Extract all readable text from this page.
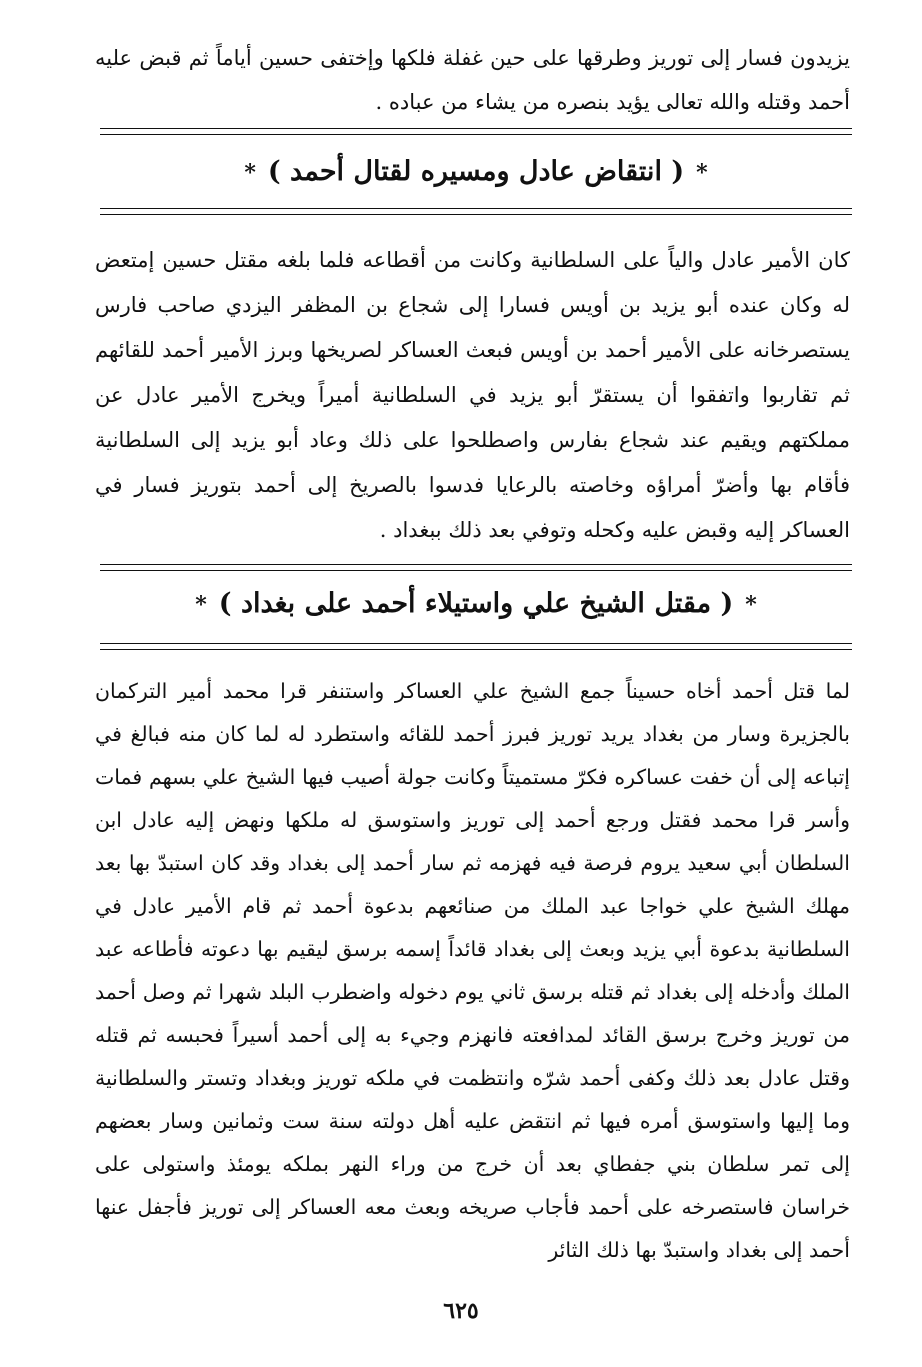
يزيدون فسار إلى توريز وطرقها على حين غفلة فلكها وإختفى حسين أياماً ثم قبض عليه أحمد وقتله والله تعالى يؤيد بنصره من يشاء من عباده .

*( انتقاض عادل ومسيره لقتال أحمد )*

كان الأمير عادل والياً على السلطانية وكانت من أقطاعه فلما بلغه مقتل حسين إمتعض له وكان عنده أبو يزيد بن أويس فسارا إلى شجاع بن المظفر اليزدي صاحب فارس يستصرخانه على الأمير أحمد بن أويس فبعث العساكر لصريخها وبرز الأمير أحمد للقائهم ثم تقاربوا واتفقوا أن يستقرّ أبو يزيد في السلطانية أميراً ويخرج الأمير عادل عن مملكتهم ويقيم عند شجاع بفارس واصطلحوا على ذلك وعاد أبو يزيد إلى السلطانية فأقام بها وأضرّ أمراؤه وخاصته بالرعايا فدسوا بالصريخ إلى أحمد بتوريز فسار في العساكر إليه وقبض عليه وكحله وتوفي بعد ذلك ببغداد .

*( مقتل الشيخ علي واستيلاء أحمد على بغداد )*

لما قتل أحمد أخاه حسيناً جمع الشيخ علي العساكر واستنفر قرا محمد أمير التركمان بالجزيرة وسار من بغداد يريد توريز فبرز أحمد للقائه واستطرد له لما كان منه فبالغ في إتباعه إلى أن خفت عساكره فكرّ مستميتاً وكانت جولة أصيب فيها الشيخ علي بسهم فمات وأسر قرا محمد فقتل ورجع أحمد إلى توريز واستوسق له ملكها ونهض إليه عادل ابن السلطان أبي سعيد يروم فرصة فيه فهزمه ثم سار أحمد إلى بغداد وقد كان استبدّ بها بعد مهلك الشيخ علي خواجا عبد الملك من صنائعهم بدعوة أحمد ثم قام الأمير عادل في السلطانية بدعوة أبي يزيد وبعث إلى بغداد قائداً إسمه برسق ليقيم بها دعوته فأطاعه عبد الملك وأدخله إلى بغداد ثم قتله برسق ثاني يوم دخوله واضطرب البلد شهرا ثم وصل أحمد من توريز وخرج برسق القائد لمدافعته فانهزم وجيء به إلى أحمد أسيراً فحبسه ثم قتله وقتل عادل بعد ذلك وكفى أحمد شرّه وانتظمت في ملكه توريز وبغداد وتستر والسلطانية وما إليها واستوسق أمره فيها ثم انتقض عليه أهل دولته سنة ست وثمانين وسار بعضهم إلى تمر سلطان بني جفطاي بعد أن خرج من وراء النهر بملكه يومئذ واستولى على خراسان فاستصرخه على أحمد فأجاب صريخه وبعث معه العساكر إلى توريز فأجفل عنها أحمد إلى بغداد واستبدّ بها ذلك الثائر

٦٢٥
